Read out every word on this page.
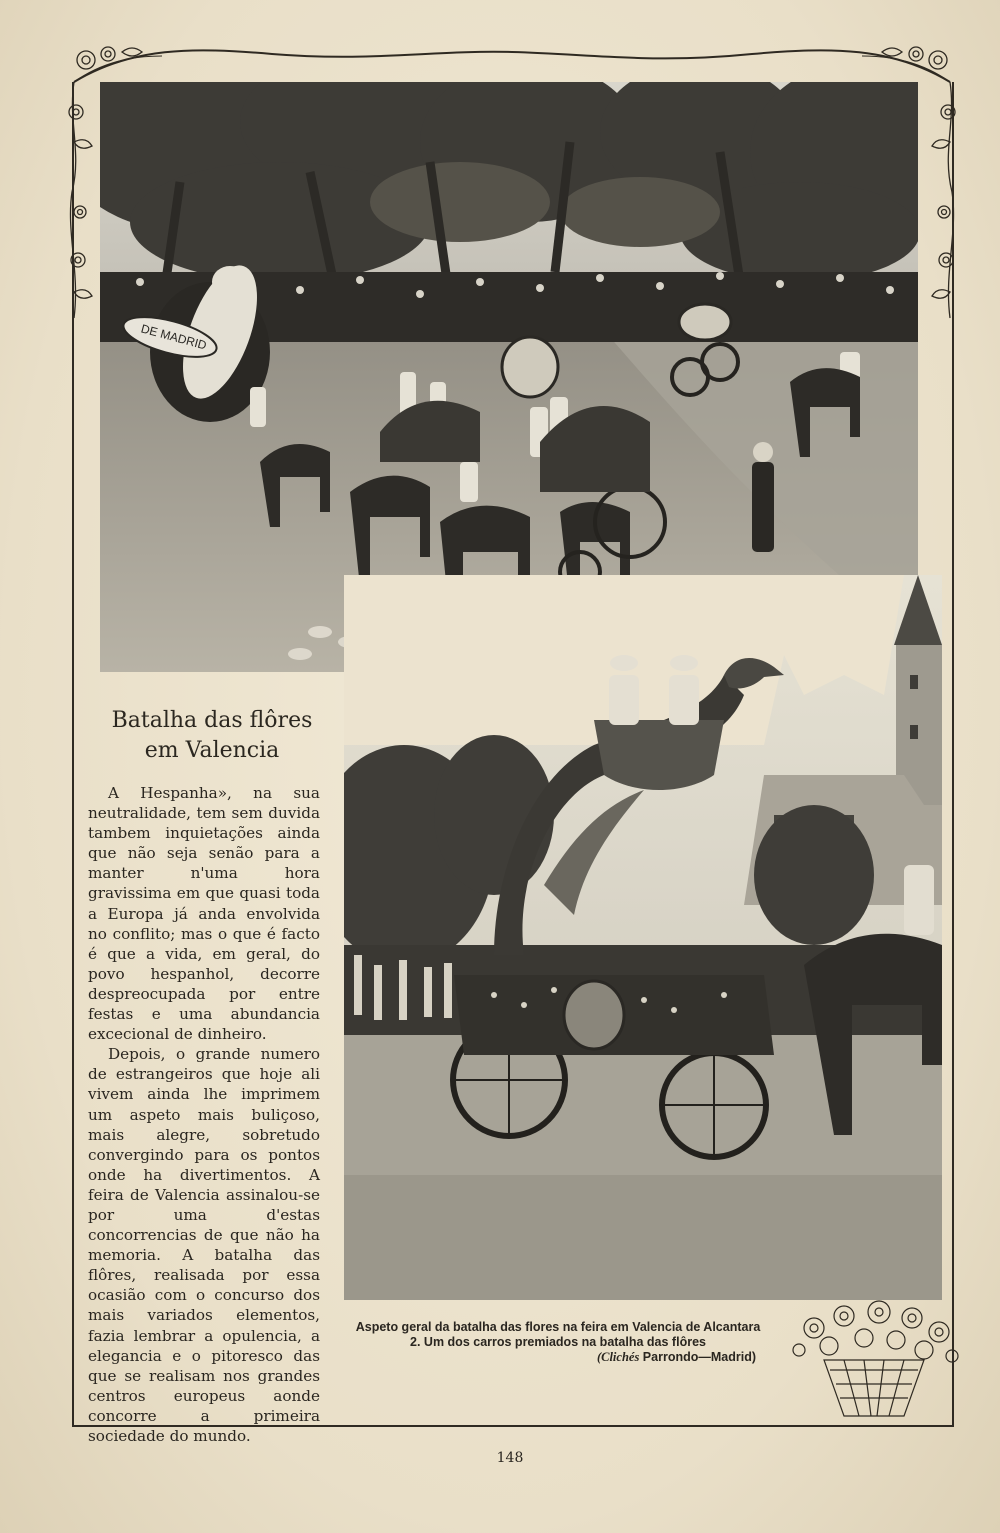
DE MADRID
Batalha das flôres
em Valencia

A Hespanha», na sua neutralidade, tem sem duvida tambem inquietações ainda que não seja senão para a manter n'uma hora gravissima em que quasi toda a Europa já anda envolvida no conflito; mas o que é facto é que a vida, em geral, do povo hespanhol, decorre despreocupada por entre festas e uma abundancia excecional de dinheiro.

Depois, o grande numero de estrangeiros que hoje ali vivem ainda lhe imprimem um aspeto mais buliçoso, mais alegre, sobretudo convergindo para os pontos onde ha divertimentos. A feira de Valencia assinalou-se por uma d'estas concorrencias de que não ha memoria. A batalha das flôres, realisada por essa ocasião com o concurso dos mais variados elementos, fazia lembrar a opulencia, a elegancia e o pitoresco das que se realisam nos grandes centros europeus aonde concorre a primeira sociedade do mundo.

Aspeto geral da batalha das flores na feira em Valencia de Alcantara
2. Um dos carros premiados na batalha das flôres
(Clichés Parrondo—Madrid)
148
